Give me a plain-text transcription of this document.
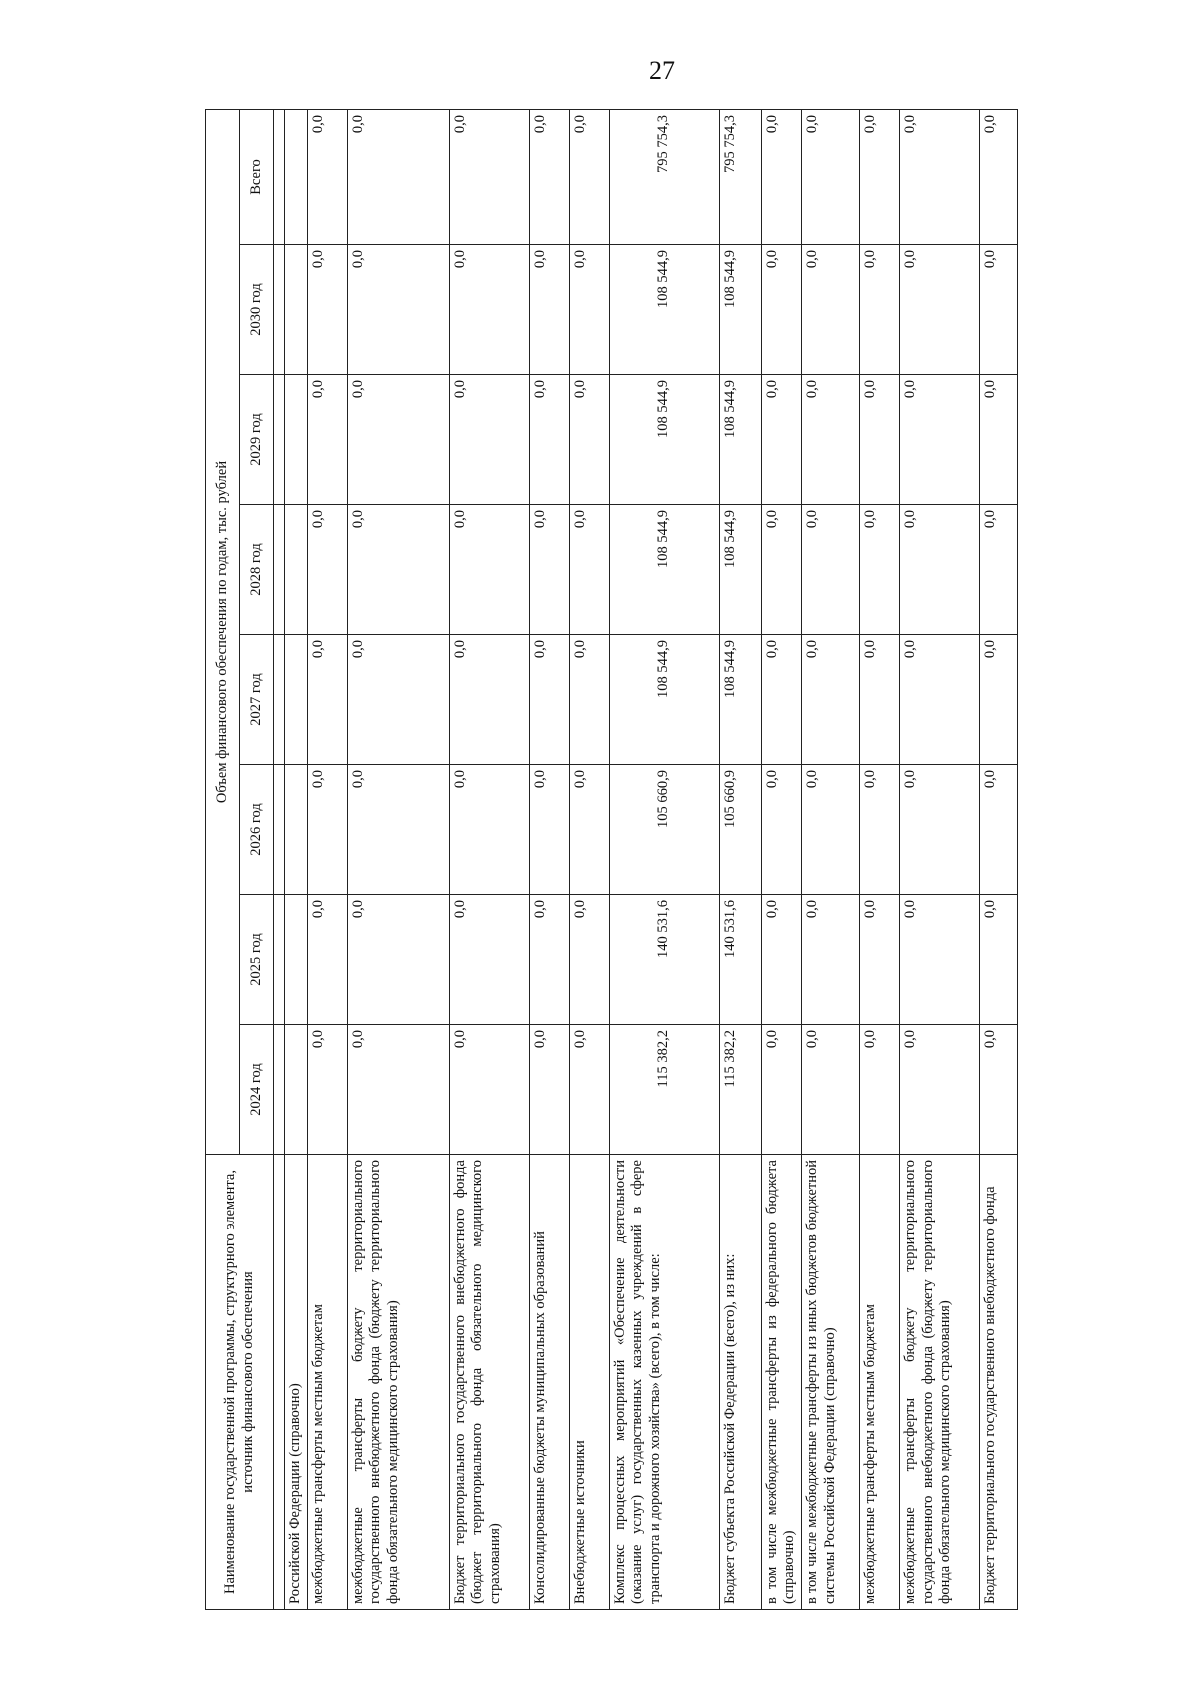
27
Наименование государственной программы, структурного элемента, источник финансового обеспечения	Объем финансового обеспечения по годам, тыс. рублей							
	2024 год	2025 год	2026 год	2027 год	2028 год	2029 год	2030 год	Всего

Российской Федерации (справочно)								
межбюджетные трансферты местным бюджетам	0,0	0,0	0,0	0,0	0,0	0,0	0,0	0,0
межбюджетные трансферты бюджету территориального государственного внебюджетного фонда (бюджету территориального фонда обязательного медицинского страхования)	0,0	0,0	0,0	0,0	0,0	0,0	0,0	0,0
Бюджет территориального государственного внебюджетного фонда (бюджет территориального фонда обязательного медицинского страхования)	0,0	0,0	0,0	0,0	0,0	0,0	0,0	0,0
Консолидированные бюджеты муниципальных образований	0,0	0,0	0,0	0,0	0,0	0,0	0,0	0,0
Внебюджетные источники	0,0	0,0	0,0	0,0	0,0	0,0	0,0	0,0
Комплекс процессных мероприятий «Обеспечение деятельности (оказание услуг) государственных казенных учреждений в сфере транспорта и дорожного хозяйства» (всего), в том числе:	115 382,2	140 531,6	105 660,9	108 544,9	108 544,9	108 544,9	108 544,9	795 754,3
Бюджет субъекта Российской Федерации (всего), из них:	115 382,2	140 531,6	105 660,9	108 544,9	108 544,9	108 544,9	108 544,9	795 754,3
в том числе межбюджетные трансферты из федерального бюджета (справочно)	0,0	0,0	0,0	0,0	0,0	0,0	0,0	0,0
в том числе межбюджетные трансферты из иных бюджетов бюджетной системы Российской Федерации (справочно)	0,0	0,0	0,0	0,0	0,0	0,0	0,0	0,0
межбюджетные трансферты местным бюджетам	0,0	0,0	0,0	0,0	0,0	0,0	0,0	0,0
межбюджетные трансферты бюджету территориального государственного внебюджетного фонда (бюджету территориального фонда обязательного медицинского страхования)	0,0	0,0	0,0	0,0	0,0	0,0	0,0	0,0
Бюджет территориального государственного внебюджетного фонда	0,0	0,0	0,0	0,0	0,0	0,0	0,0	0,0
